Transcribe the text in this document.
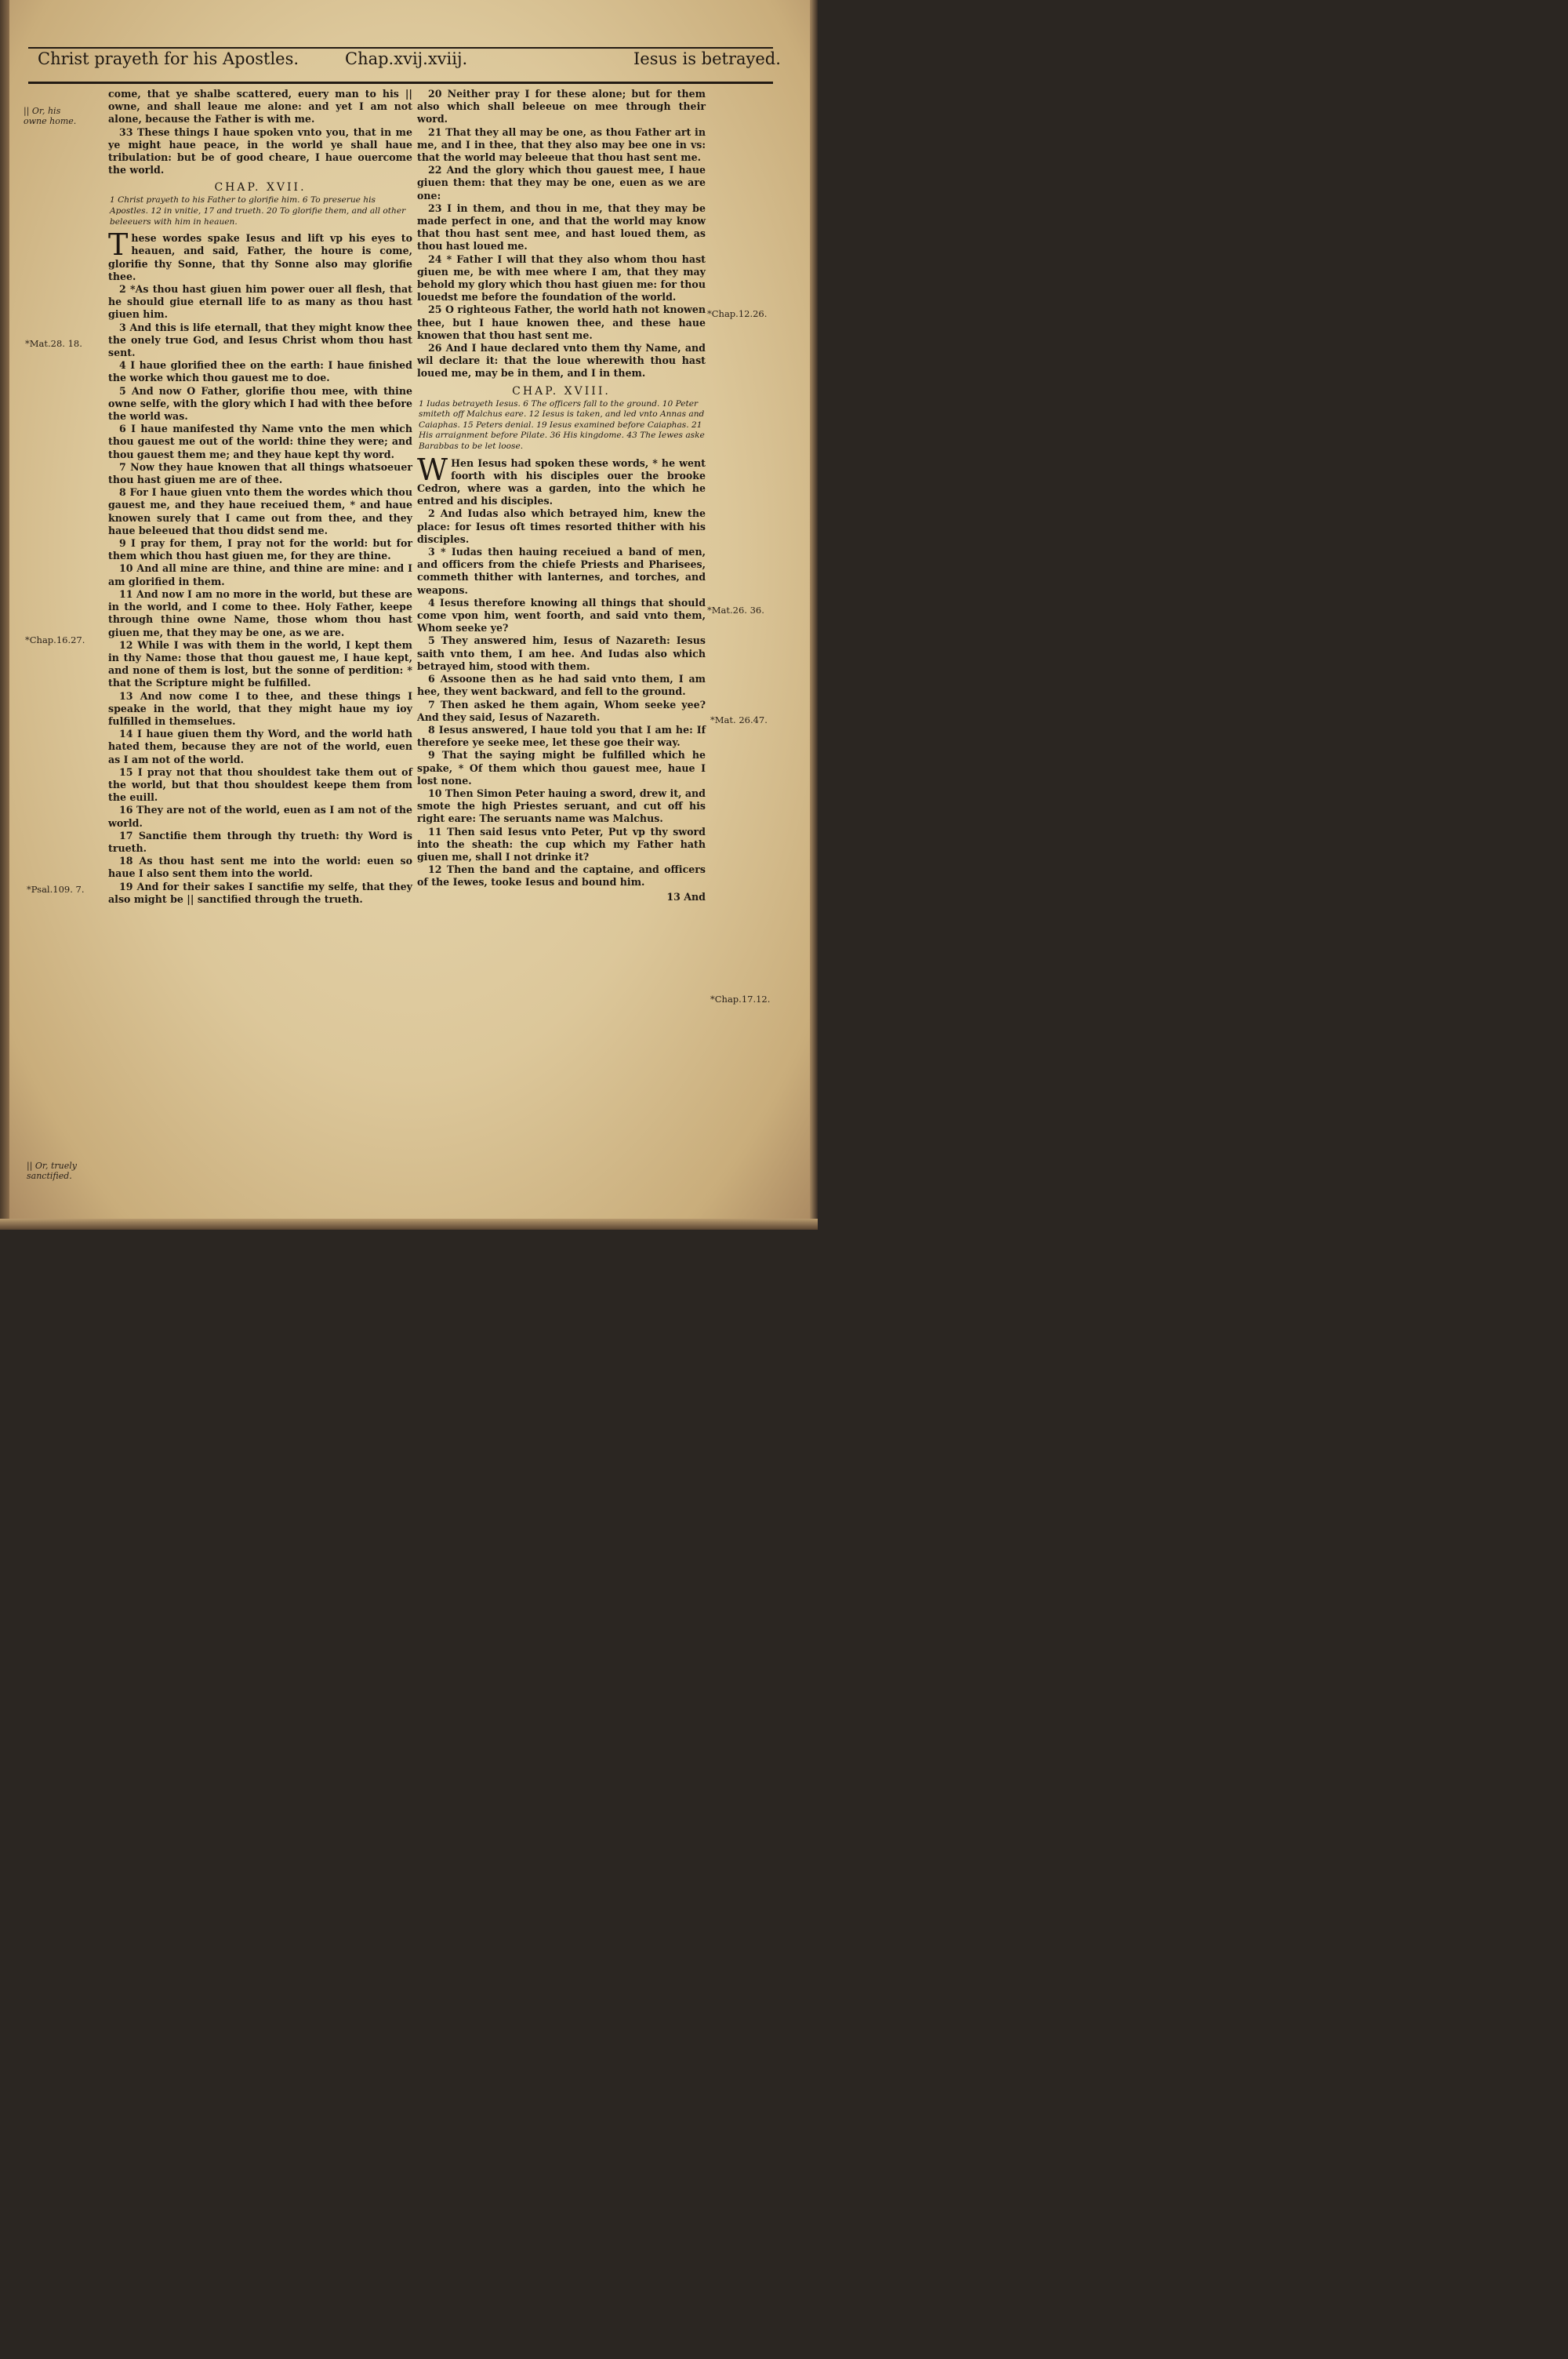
Christ prayeth for his Apostles.	Chap.xvij.xviij.	Iesus is betrayed.
|| Or, his owne home.
*Mat.28. 18.
*Chap.16.27.
*Psal.109. 7.
|| Or, truely sanctified.
*Chap.12.26.
*Mat.26. 36.
*Mat. 26.47.
*Chap.17.12.

come, that ye shalbe scattered, euery man to his || owne, and shall leaue me alone: and yet I am not alone, because the Father is with me.

33 These things I haue spoken vnto you, that in me ye might haue peace, in the world ye shall haue tribulation: but be of good cheare, I haue ouercome the world.

CHAP. XVII.

1 Christ prayeth to his Father to glorifie him. 6 To preserue his Apostles. 12 in vnitie, 17 and trueth. 20 To glorifie them, and all other beleeuers with him in heauen.

These wordes spake Iesus and lift vp his eyes to heauen, and said, Father, the houre is come, glorifie thy Sonne, that thy Sonne also may glorifie thee.

2 *As thou hast giuen him power ouer all flesh, that he should giue eternall life to as many as thou hast giuen him.

3 And this is life eternall, that they might know thee the onely true God, and Iesus Christ whom thou hast sent.

4 I haue glorified thee on the earth: I haue finished the worke which thou gauest me to doe.

5 And now O Father, glorifie thou mee, with thine owne selfe, with the glory which I had with thee before the world was.

6 I haue manifested thy Name vnto the men which thou gauest me out of the world: thine they were; and thou gauest them me; and they haue kept thy word.

7 Now they haue knowen that all things whatsoeuer thou hast giuen me are of thee.

8 For I haue giuen vnto them the wordes which thou gauest me, and they haue receiued them, * and haue knowen surely that I came out from thee, and they haue beleeued that thou didst send me.

9 I pray for them, I pray not for the world: but for them which thou hast giuen me, for they are thine.

10 And all mine are thine, and thine are mine: and I am glorified in them.

11 And now I am no more in the world, but these are in the world, and I come to thee. Holy Father, keepe through thine owne Name, those whom thou hast giuen me, that they may be one, as we are.

12 While I was with them in the world, I kept them in thy Name: those that thou gauest me, I haue kept, and none of them is lost, but the sonne of perdition: * that the Scripture might be fulfilled.

13 And now come I to thee, and these things I speake in the world, that they might haue my ioy fulfilled in themselues.

14 I haue giuen them thy Word, and the world hath hated them, because they are not of the world, euen as I am not of the world.

15 I pray not that thou shouldest take them out of the world, but that thou shouldest keepe them from the euill.

16 They are not of the world, euen as I am not of the world.

17 Sanctifie them through thy trueth: thy Word is trueth.

18 As thou hast sent me into the world: euen so haue I also sent them into the world.

19 And for their sakes I sanctifie my selfe, that they also might be || sanctified through the trueth.

20 Neither pray I for these alone; but for them also which shall beleeue on mee through their word.

21 That they all may be one, as thou Father art in me, and I in thee, that they also may bee one in vs: that the world may beleeue that thou hast sent me.

22 And the glory which thou gauest mee, I haue giuen them: that they may be one, euen as we are one:

23 I in them, and thou in me, that they may be made perfect in one, and that the world may know that thou hast sent mee, and hast loued them, as thou hast loued me.

24 * Father I will that they also whom thou hast giuen me, be with mee where I am, that they may behold my glory which thou hast giuen me: for thou louedst me before the foundation of the world.

25 O righteous Father, the world hath not knowen thee, but I haue knowen thee, and these haue knowen that thou hast sent me.

26 And I haue declared vnto them thy Name, and wil declare it: that the loue wherewith thou hast loued me, may be in them, and I in them.

CHAP. XVIII.

1 Iudas betrayeth Iesus. 6 The officers fall to the ground. 10 Peter smiteth off Malchus eare. 12 Iesus is taken, and led vnto Annas and Caiaphas. 15 Peters denial. 19 Iesus examined before Caiaphas. 21 His arraignment before Pilate. 36 His kingdome. 43 The Iewes aske Barabbas to be let loose.

W Hen Iesus had spoken these words, * he went foorth with his disciples ouer the brooke Cedron, where was a garden, into the which he entred and his disciples.

2 And Iudas also which betrayed him, knew the place: for Iesus oft times resorted thither with his disciples.

3 * Iudas then hauing receiued a band of men, and officers from the chiefe Priests and Pharisees, commeth thither with lanternes, and torches, and weapons.

4 Iesus therefore knowing all things that should come vpon him, went foorth, and said vnto them, Whom seeke ye?

5 They answered him, Iesus of Nazareth: Iesus saith vnto them, I am hee. And Iudas also which betrayed him, stood with them.

6 Assoone then as he had said vnto them, I am hee, they went backward, and fell to the ground.

7 Then asked he them again, Whom seeke yee? And they said, Iesus of Nazareth.

8 Iesus answered, I haue told you that I am he: If therefore ye seeke mee, let these goe their way.

9 That the saying might be fulfilled which he spake, * Of them which thou gauest mee, haue I lost none.

10 Then Simon Peter hauing a sword, drew it, and smote the high Priestes seruant, and cut off his right eare: The seruants name was Malchus.

11 Then said Iesus vnto Peter, Put vp thy sword into the sheath: the cup which my Father hath giuen me, shall I not drinke it?

12 Then the band and the captaine, and officers of the Iewes, tooke Iesus and bound him.

13 And
